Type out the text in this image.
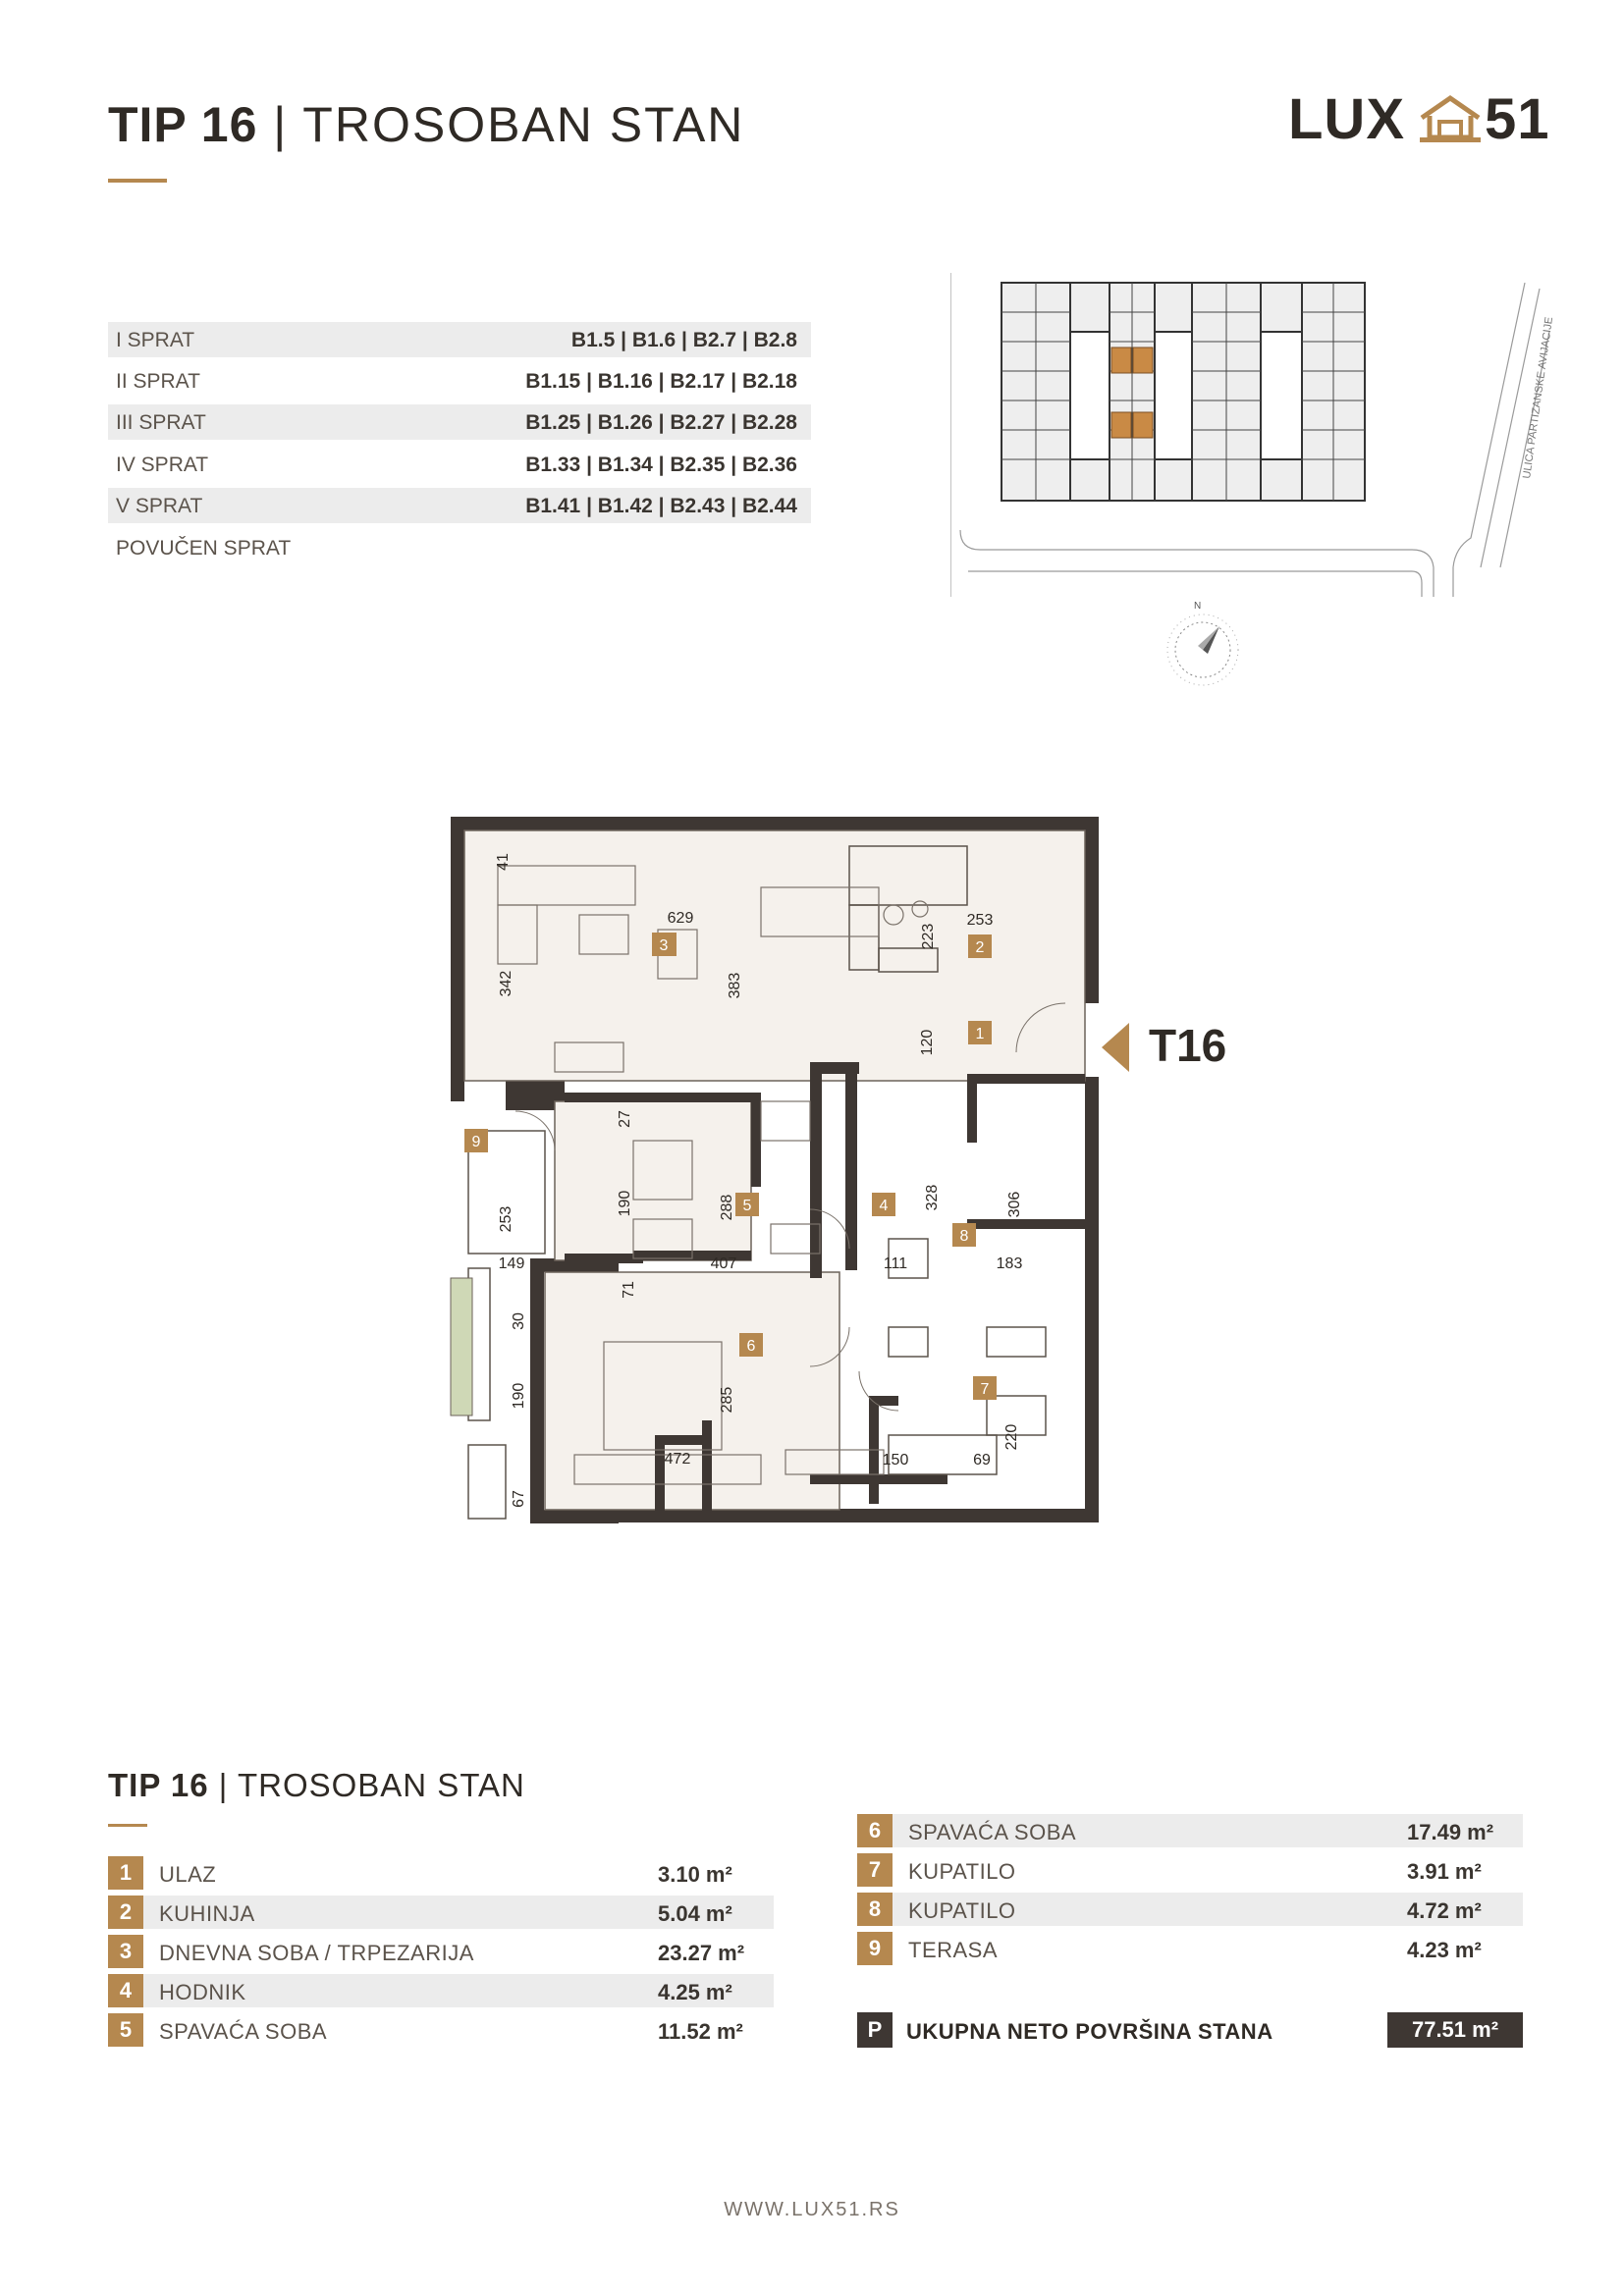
TIP 16 | TROSOBAN STAN	LUX 51
I SPRAT	B1.5 | B1.6 | B2.7 | B2.8
II SPRAT	B1.15 | B1.16 | B2.17 | B2.18
III SPRAT	B1.25 | B1.26 | B2.27 | B2.28
IV SPRAT	B1.33 | B1.34 | B2.35 | B2.36
V SPRAT	B1.41 | B1.42 | B2.43 | B2.44
POVUČEN SPRAT
ULICA PARTIZANSKE AVIJACIJE
N
1
2
3
4
5
6
7
8
9
41
629
223
253
342	383
120
27
190	288	328	306
253
149	407	111	183
71
30
190	285
220
472	150	69
67
T16
TIP 16 | TROSOBAN STAN
1	ULAZ	3.10 m²
2	KUHINJA	5.04 m²
3	DNEVNA SOBA / TRPEZARIJA	23.27 m²
4	HODNIK	4.25 m²
5	SPAVAĆA SOBA	11.52 m²
6	SPAVAĆA SOBA	17.49 m²
7	KUPATILO	3.91 m²
8	KUPATILO	4.72 m²
9	TERASA	4.23 m²
P	UKUPNA NETO POVRŠINA STANA	77.51 m²
WWW.LUX51.RS
